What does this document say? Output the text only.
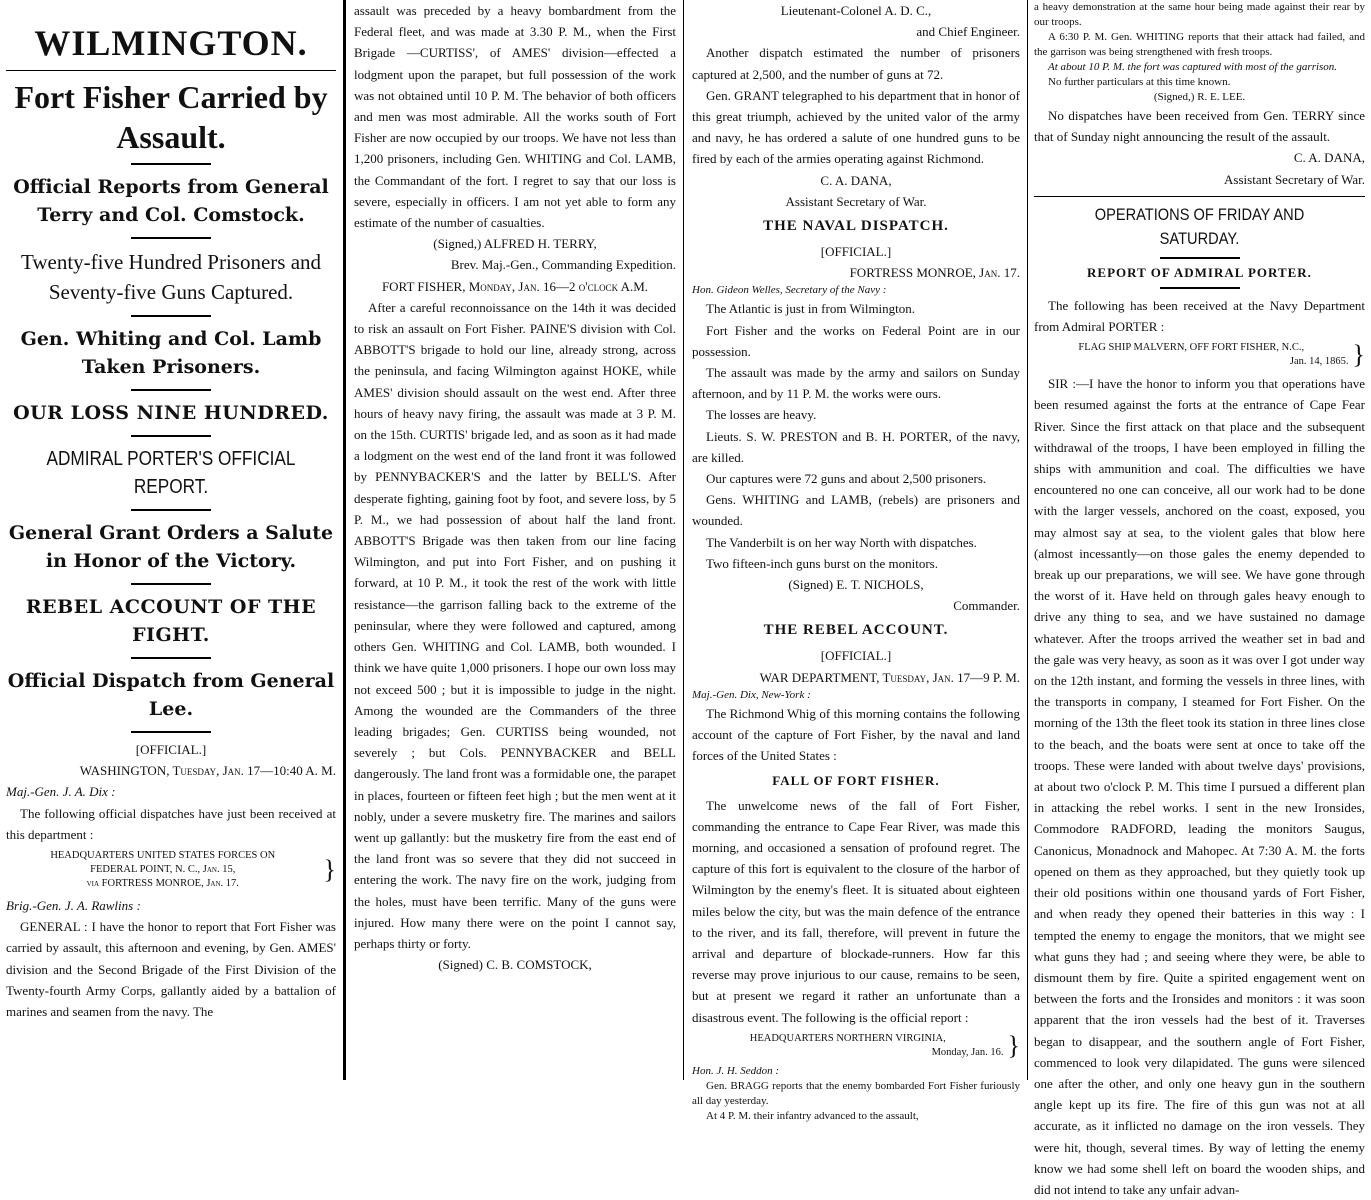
WILMINGTON.
Fort Fisher Carried by Assault.
Official Reports from General Terry and Col. Comstock.
Twenty-five Hundred Prisoners and Seventy-five Guns Captured.
Gen. Whiting and Col. Lamb Taken Prisoners.
OUR LOSS NINE HUNDRED.
ADMIRAL PORTER'S OFFICIAL REPORT.
General Grant Orders a Salute in Honor of the Victory.
REBEL ACCOUNT OF THE FIGHT.
Official Dispatch from General Lee.

[OFFICIAL.]

WASHINGTON, Tuesday, Jan. 17—10:40 A. M.

Maj.-Gen. J. A. Dix :

The following official dispatches have just been received at this department :

HEADQUARTERS UNITED STATES FORCES ON
FEDERAL POINT, N. C., Jan. 15,
via FORTRESS MONROE, Jan. 17.	}

Brig.-Gen. J. A. Rawlins :

GENERAL : I have the honor to report that Fort Fisher was carried by assault, this afternoon and evening, by Gen. AMES' division and the Second Brigade of the First Division of the Twenty-fourth Army Corps, gallantly aided by a battalion of marines and seamen from the navy. The

assault was preceded by a heavy bombardment from the Federal fleet, and was made at 3.30 P. M., when the First Brigade —CURTISS', of AMES' division—effected a lodgment upon the parapet, but full possession of the work was not obtained until 10 P. M. The behavior of both officers and men was most admirable. All the works south of Fort Fisher are now occupied by our troops. We have not less than 1,200 prisoners, including Gen. WHITING and Col. LAMB, the Commandant of the fort. I regret to say that our loss is severe, especially in officers. I am not yet able to form any estimate of the number of casualties.

(Signed,) ALFRED H. TERRY,

Brev. Maj.-Gen., Commanding Expedition.

FORT FISHER, Monday, Jan. 16—2 o'clock A.M.

After a careful reconnoissance on the 14th it was decided to risk an assault on Fort Fisher. PAINE'S division with Col. ABBOTT'S brigade to hold our line, already strong, across the peninsula, and facing Wilmington against HOKE, while AMES' division should assault on the west end. After three hours of heavy navy firing, the assault was made at 3 P. M. on the 15th. CURTIS' brigade led, and as soon as it had made a lodgment on the west end of the land front it was followed by PENNYBACKER'S and the latter by BELL'S. After desperate fighting, gaining foot by foot, and severe loss, by 5 P. M., we had possession of about half the land front. ABBOTT'S Brigade was then taken from our line facing Wilmington, and put into Fort Fisher, and on pushing it forward, at 10 P. M., it took the rest of the work with little resistance—the garrison falling back to the extreme of the peninsular, where they were followed and captured, among others Gen. WHITING and Col. LAMB, both wounded. I think we have quite 1,000 prisoners. I hope our own loss may not exceed 500 ; but it is impossible to judge in the night. Among the wounded are the Commanders of the three leading brigades; Gen. CURTISS being wounded, not severely ; but Cols. PENNYBACKER and BELL dangerously. The land front was a formidable one, the parapet in places, fourteen or fifteen feet high ; but the men went at it nobly, under a severe musketry fire. The marines and sailors went up gallantly: but the musketry fire from the east end of the land front was so severe that they did not succeed in entering the work. The navy fire on the work, judging from the holes, must have been terrific. Many of the guns were injured. How many there were on the point I cannot say, perhaps thirty or forty.

(Signed) C. B. COMSTOCK,

Lieutenant-Colonel A. D. C.,

and Chief Engineer.

Another dispatch estimated the number of prisoners captured at 2,500, and the number of guns at 72.

Gen. GRANT telegraphed to his department that in honor of this great triumph, achieved by the united valor of the army and navy, he has ordered a salute of one hundred guns to be fired by each of the armies operating against Richmond.

C. A. DANA,

Assistant Secretary of War.

THE NAVAL DISPATCH.

[OFFICIAL.]

FORTRESS MONROE, Jan. 17.

Hon. Gideon Welles, Secretary of the Navy :

The Atlantic is just in from Wilmington.

Fort Fisher and the works on Federal Point are in our possession.

The assault was made by the army and sailors on Sunday afternoon, and by 11 P. M. the works were ours.

The losses are heavy.

Lieuts. S. W. PRESTON and B. H. PORTER, of the navy, are killed.

Our captures were 72 guns and about 2,500 prisoners.

Gens. WHITING and LAMB, (rebels) are prisoners and wounded.

The Vanderbilt is on her way North with dispatches.

Two fifteen-inch guns burst on the monitors.

(Signed) E. T. NICHOLS,

Commander.

THE REBEL ACCOUNT.

[OFFICIAL.]

WAR DEPARTMENT, Tuesday, Jan. 17—9 P. M.

Maj.-Gen. Dix, New-York :

The Richmond Whig of this morning contains the following account of the capture of Fort Fisher, by the naval and land forces of the United States :

FALL OF FORT FISHER.

The unwelcome news of the fall of Fort Fisher, commanding the entrance to Cape Fear River, was made this morning, and occasioned a sensation of profound regret. The capture of this fort is equivalent to the closure of the harbor of Wilmington by the enemy's fleet. It is situated about eighteen miles below the city, but was the main defence of the entrance to the river, and its fall, therefore, will prevent in future the arrival and departure of blockade-runners. How far this reverse may prove injurious to our cause, remains to be seen, but at present we regard it rather an unfortunate than a disastrous event. The following is the official report :

HEADQUARTERS NORTHERN VIRGINIA,
Monday, Jan. 16. }

Hon. J. H. Seddon :

Gen. BRAGG reports that the enemy bombarded Fort Fisher furiously all day yesterday.

At 4 P. M. their infantry advanced to the assault,

a heavy demonstration at the same hour being made against their rear by our troops.

A 6:30 P. M. Gen. WHITING reports that their attack had failed, and the garrison was being strengthened with fresh troops.

At about 10 P. M. the fort was captured with most of the garrison.

No further particulars at this time known.

(Signed,) R. E. LEE.

No dispatches have been received from Gen. TERRY since that of Sunday night announcing the result of the assault.

C. A. DANA,

Assistant Secretary of War.

OPERATIONS OF FRIDAY AND SATURDAY.
REPORT OF ADMIRAL PORTER.

The following has been received at the Navy Department from Admiral PORTER :

FLAG SHIP MALVERN, OFF FORT FISHER, N.C.,
Jan. 14, 1865. }

SIR :—I have the honor to inform you that operations have been resumed against the forts at the entrance of Cape Fear River. Since the first attack on that place and the subsequent withdrawal of the troops, I have been employed in filling the ships with ammunition and coal. The difficulties we have encountered no one can conceive, all our work had to be done with the larger vessels, anchored on the coast, exposed, you may almost say at sea, to the violent gales that blow here (almost incessantly—on those gales the enemy depended to break up our preparations, we will see. We have gone through the worst of it. Have held on through gales heavy enough to drive any thing to sea, and we have sustained no damage whatever. After the troops arrived the weather set in bad and the gale was very heavy, as soon as it was over I got under way on the 12th instant, and forming the vessels in three lines, with the transports in company, I steamed for Fort Fisher. On the morning of the 13th the fleet took its station in three lines close to the beach, and the boats were sent at once to take off the troops. These were landed with about twelve days' provisions, at about two o'clock P. M. This time I pursued a different plan in attacking the rebel works. I sent in the new Ironsides, Commodore RADFORD, leading the monitors Saugus, Canonicus, Monadnock and Mahopec. At 7:30 A. M. the forts opened on them as they approached, but they quietly took up their old positions within one thousand yards of Fort Fisher, and when ready they opened their batteries in this way : I tempted the enemy to engage the monitors, that we might see what guns they had ; and seeing where they were, be able to dismount them by fire. Quite a spirited engagement went on between the forts and the Ironsides and monitors : it was soon apparent that the iron vessels had the best of it. Traverses began to disappear, and the southern angle of Fort Fisher, commenced to look very dilapidated. The guns were silenced one after the other, and only one heavy gun in the southern angle kept up its fire. The fire of this gun was not at all accurate, as it inflicted no damage on the iron vessels. They were hit, though, several times. By way of letting the enemy know we had some shell left on board the wooden ships, and did not intend to take any unfair advan-
